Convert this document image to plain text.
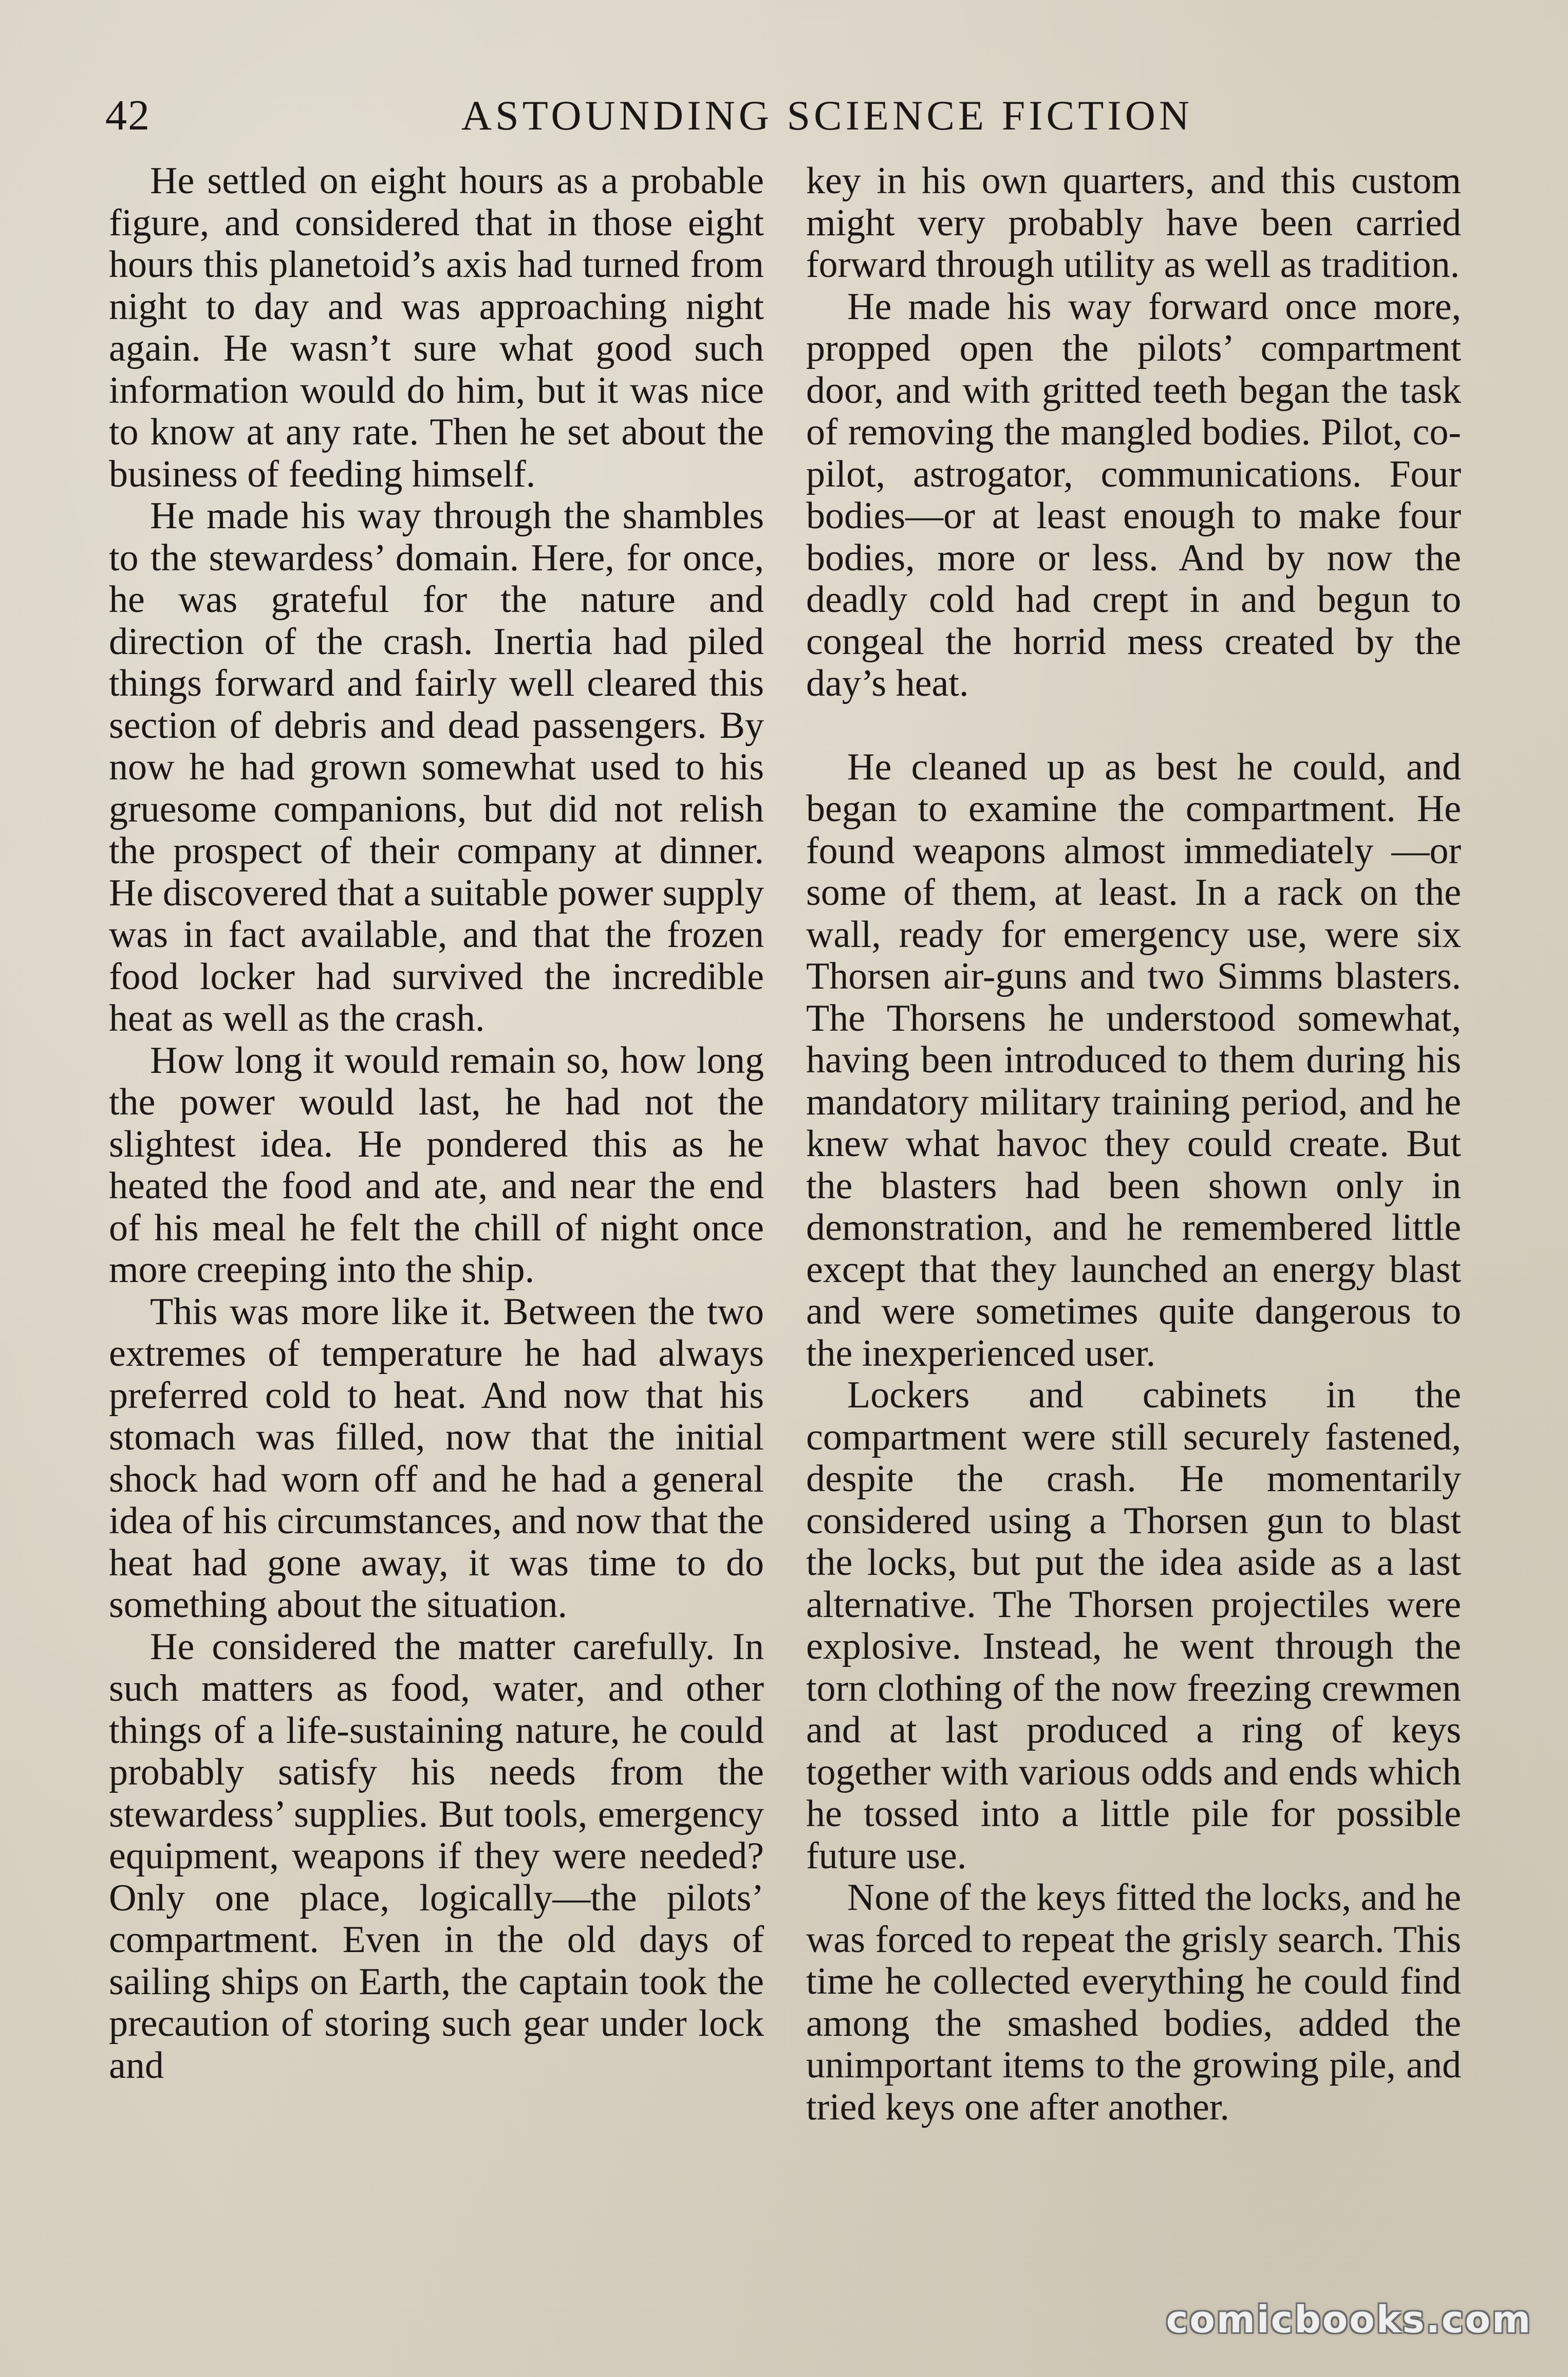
42	ASTOUNDING SCIENCE FICTION

He settled on eight hours as a probable figure, and considered that in those eight hours this planetoid’s axis had turned from night to day and was approaching night again. He wasn’t sure what good such information would do him, but it was nice to know at any rate. Then he set about the business of feeding himself.

He made his way through the shambles to the stewardess’ domain. Here, for once, he was grateful for the nature and direction of the crash. Inertia had piled things forward and fairly well cleared this section of debris and dead passengers. By now he had grown somewhat used to his gruesome companions, but did not relish the prospect of their company at dinner. He discovered that a suitable power supply was in fact available, and that the frozen food locker had survived the incredible heat as well as the crash.

How long it would remain so, how long the power would last, he had not the slightest idea. He pondered this as he heated the food and ate, and near the end of his meal he felt the chill of night once more creeping into the ship.

This was more like it. Between the two extremes of temperature he had always preferred cold to heat. And now that his stomach was filled, now that the initial shock had worn off and he had a general idea of his circumstances, and now that the heat had gone away, it was time to do something about the situation.

He considered the matter carefully. In such matters as food, water, and other things of a life-sustaining nature, he could probably satisfy his needs from the stewardess’ supplies. But tools, emergency equipment, weapons if they were needed? Only one place, logically—the pilots’ compartment. Even in the old days of sailing ships on Earth, the captain took the precaution of storing such gear under lock and

key in his own quarters, and this custom might very probably have been carried forward through utility as well as tradition.

He made his way forward once more, propped open the pilots’ compartment door, and with gritted teeth began the task of removing the mangled bodies. Pilot, co-pilot, astrogator, communications. Four bodies—or at least enough to make four bodies, more or less. And by now the deadly cold had crept in and begun to congeal the horrid mess created by the day’s heat.

He cleaned up as best he could, and began to examine the compartment. He found weapons almost immediately —or some of them, at least. In a rack on the wall, ready for emergency use, were six Thorsen air-guns and two Simms blasters. The Thorsens he understood somewhat, having been introduced to them during his mandatory military training period, and he knew what havoc they could create. But the blasters had been shown only in demonstration, and he remembered little except that they launched an energy blast and were sometimes quite dangerous to the inexperienced user.

Lockers and cabinets in the compartment were still securely fastened, despite the crash. He momentarily considered using a Thorsen gun to blast the locks, but put the idea aside as a last alternative. The Thorsen projectiles were explosive. Instead, he went through the torn clothing of the now freezing crewmen and at last produced a ring of keys together with various odds and ends which he tossed into a little pile for possible future use.

None of the keys fitted the locks, and he was forced to repeat the grisly search. This time he collected everything he could find among the smashed bodies, added the unimportant items to the growing pile, and tried keys one after another.

comicbooks.com
